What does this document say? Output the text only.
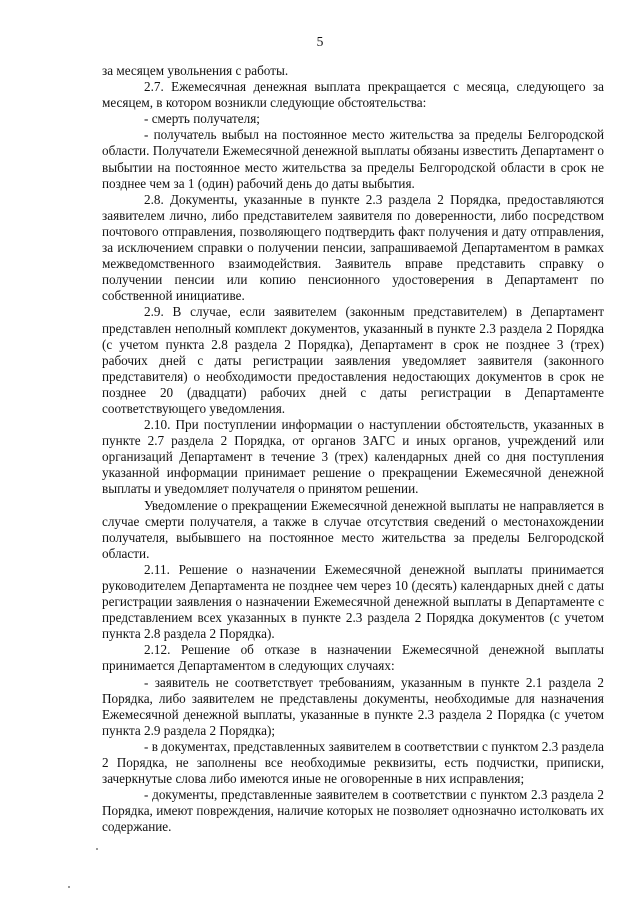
5

за месяцем увольнения с работы.

2.7. Ежемесячная денежная выплата прекращается с месяца, следующего за месяцем, в котором возникли следующие обстоятельства:

- смерть получателя;

- получатель выбыл на постоянное место жительства за пределы Белгородской области. Получатели Ежемесячной денежной выплаты обязаны известить Департамент о выбытии на постоянное место жительства за пределы Белгородской области в срок не позднее чем за 1 (один) рабочий день до даты выбытия.

2.8. Документы, указанные в пункте 2.3 раздела 2 Порядка, предоставляются заявителем лично, либо представителем заявителя по доверенности, либо посредством почтового отправления, позволяющего подтвердить факт получения и дату отправления, за исключением справки о получении пенсии, запрашиваемой Департаментом в рамках межведомственного взаимодействия. Заявитель вправе представить справку о получении пенсии или копию пенсионного удостоверения в Департамент по собственной инициативе.

2.9. В случае, если заявителем (законным представителем) в Департамент представлен неполный комплект документов, указанный в пункте 2.3 раздела 2 Порядка (с учетом пункта 2.8 раздела 2 Порядка), Департамент в срок не позднее 3 (трех) рабочих дней с даты регистрации заявления уведомляет заявителя (законного представителя) о необходимости предоставления недостающих документов в срок не позднее 20 (двадцати) рабочих дней с даты регистрации в Департаменте соответствующего уведомления.

2.10. При поступлении информации о наступлении обстоятельств, указанных в пункте 2.7 раздела 2 Порядка, от органов ЗАГС и иных органов, учреждений или организаций Департамент в течение 3 (трех) календарных дней со дня поступления указанной информации принимает решение о прекращении Ежемесячной денежной выплаты и уведомляет получателя о принятом решении.

Уведомление о прекращении Ежемесячной денежной выплаты не направляется в случае смерти получателя, а также в случае отсутствия сведений о местонахождении получателя, выбывшего на постоянное место жительства за пределы Белгородской области.

2.11. Решение о назначении Ежемесячной денежной выплаты принимается руководителем Департамента не позднее чем через 10 (десять) календарных дней с даты регистрации заявления о назначении Ежемесячной денежной выплаты в Департаменте с представлением всех указанных в пункте 2.3 раздела 2 Порядка документов (с учетом пункта 2.8 раздела 2 Порядка).

2.12. Решение об отказе в назначении Ежемесячной денежной выплаты принимается Департаментом в следующих случаях:

- заявитель не соответствует требованиям, указанным в пункте 2.1 раздела 2 Порядка, либо заявителем не представлены документы, необходимые для назначения Ежемесячной денежной выплаты, указанные в пункте 2.3 раздела 2 Порядка (с учетом пункта 2.9 раздела 2 Порядка);

- в документах, представленных заявителем в соответствии с пунктом 2.3 раздела 2 Порядка, не заполнены все необходимые реквизиты, есть подчистки, приписки, зачеркнутые слова либо имеются иные не оговоренные в них исправления;

- документы, представленные заявителем в соответствии с пунктом 2.3 раздела 2 Порядка, имеют повреждения, наличие которых не позволяет однозначно истолковать их содержание.
